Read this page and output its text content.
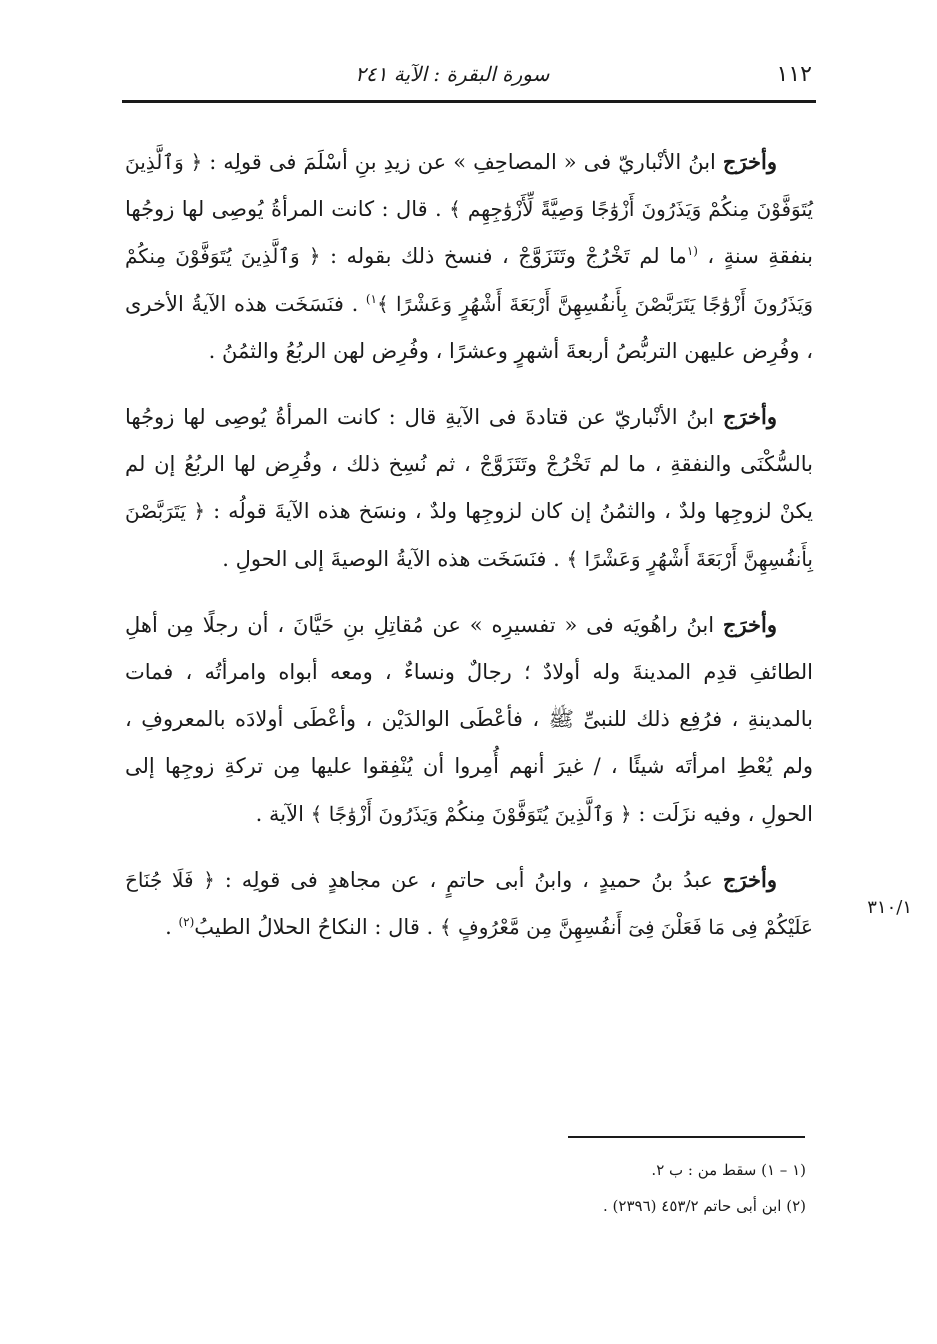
١١٢
سورة البقرة : الآية ٢٤١

وأخرَج ابنُ الأنْباريّ فى « المصاحِفِ » عن زيدِ بنِ أسْلَمَ فى قولِه : ﴿ وَٱلَّذِينَ يُتَوَفَّوْنَ مِنكُمْ وَيَذَرُونَ أَزْوَٰجًا وَصِيَّةً لِّأَزْوَٰجِهِم ﴾ . قال : كانت المرأةُ يُوصِى لها زوجُها بنفقةِ سنةٍ ، $^{(١}$ما لم تَخْرُجْ وتَتَزَوَّجْ ، فنسخ ذلك بقوله : ﴿ وَٱلَّذِينَ يُتَوَفَّوْنَ مِنكُمْ وَيَذَرُونَ أَزْوَٰجًا يَتَرَبَّصْنَ بِأَنفُسِهِنَّ أَرْبَعَةَ أَشْهُرٍ وَعَشْرًا ﴾$^{١)}$ . فنَسَخَت هذه الآيةُ الأخرى ، وفُرِض عليهن التربُّصُ أربعةَ أشهرٍ وعشرًا ، وفُرِض لهن الربُعُ والثمُنُ .

وأخرَج ابنُ الأنْباريّ عن قتادةَ فى الآيةِ قال : كانت المرأةُ يُوصِى لها زوجُها بالسُّكْنَى والنفقةِ ، ما لم تَخْرُجْ وتَتَزَوَّجْ ، ثم نُسِخ ذلك ، وفُرِض لها الربُعُ إن لم يكنْ لزوجِها ولدٌ ، والثمُنُ إن كان لزوجِها ولدٌ ، ونسَخ هذه الآيةَ قولُه : ﴿ يَتَرَبَّصْنَ بِأَنفُسِهِنَّ أَرْبَعَةَ أَشْهُرٍ وَعَشْرًا ﴾ . فنَسَخَت هذه الآيةُ الوصيةَ إلى الحولِ .

وأخرَج ابنُ راهُويَه فى « تفسيرِه » عن مُقاتِلِ بنِ حَيَّانَ ، أن رجلًا مِن أهلِ الطائفِ قدِم المدينةَ وله أولادٌ ؛ رجالٌ ونساءٌ ، ومعه أبواه وامرأتُه ، فمات بالمدينةِ ، فرُفِع ذلك للنبىِّ ﷺ ، فأعْطَى الوالدَيْن ، وأعْطَى أولادَه بالمعروفِ ، ولم يُعْطِ امرأتَه شيئًا ، / غيرَ أنهم أُمِروا أن يُنْفِقوا عليها مِن تركةِ زوجِها إلى الحولِ ، وفيه نزَلَت : ﴿ وَٱلَّذِينَ يُتَوَفَّوْنَ مِنكُمْ وَيَذَرُونَ أَزْوَٰجًا ﴾ الآية .

وأخرَج عبدُ بنُ حميدٍ ، وابنُ أبى حاتمٍ ، عن مجاهدٍ فى قولِه : ﴿ فَلَا جُنَاحَ عَلَيْكُمْ فِى مَا فَعَلْنَ فِىٓ أَنفُسِهِنَّ مِن مَّعْرُوفٍ ﴾ . قال : النكاحُ الحلالُ الطيبُ$^{(٢)}$ .

٣١٠/١

(١ – ١) سقط من : ب ٢.

(٢) ابن أبى حاتم ٤٥٣/٢ (٢٣٩٦) .
